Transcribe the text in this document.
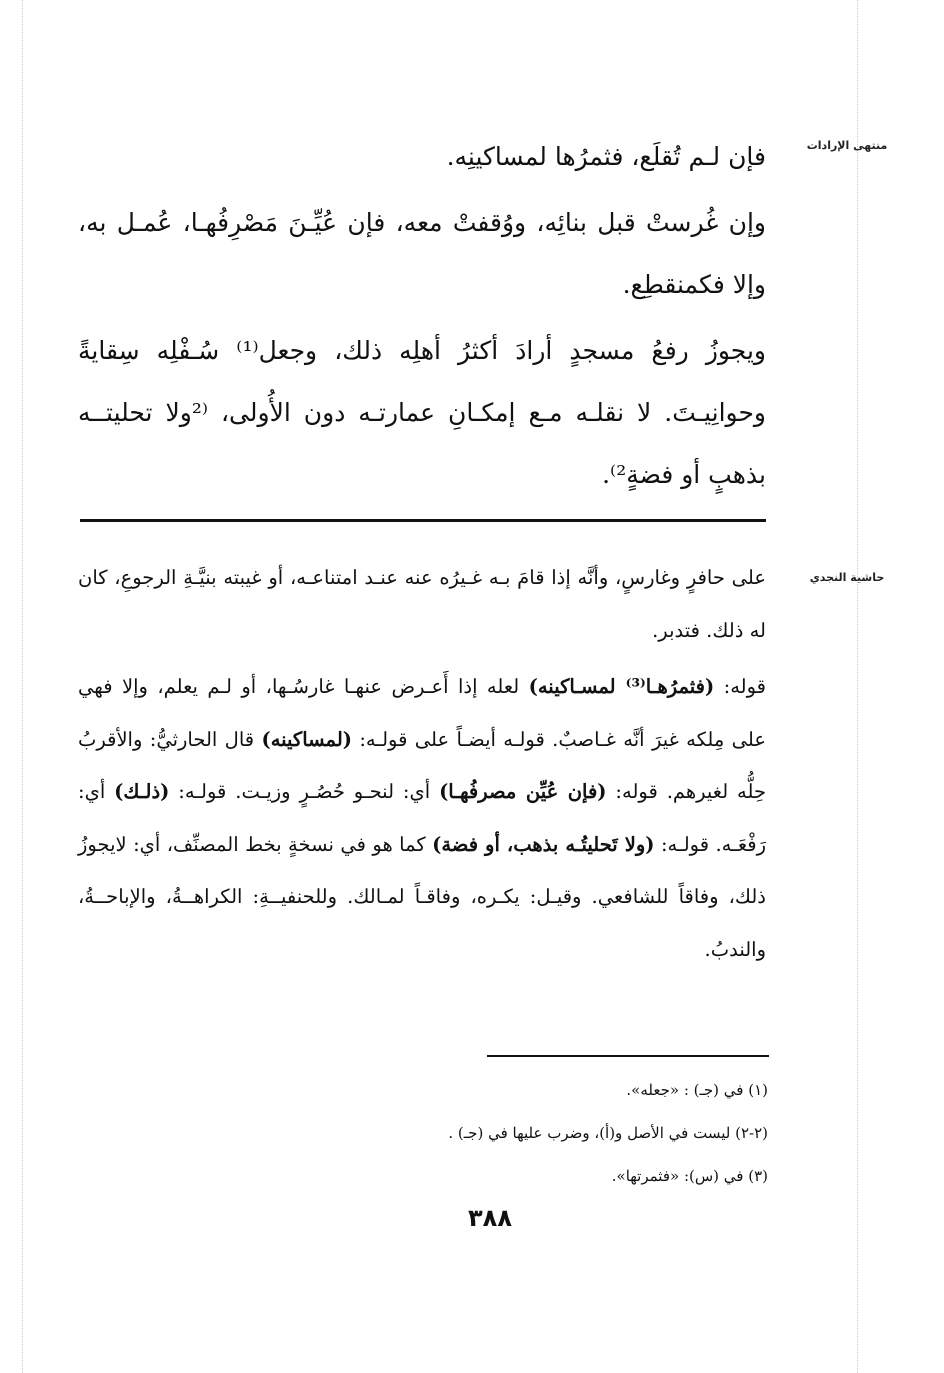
منتهى الإرادات
حاشية النجدي

فإن لـم تُقلَع، فثمرُها لمساكينِه.

وإن غُرستْ قبل بنائِه، ووُقفتْ معه، فإن عُيِّـنَ مَصْرِفُهـا، عُمـل به، وإلا فكمنقطِع.

ويجوزُ رفعُ مسجدٍ أرادَ أكثرُ أهلِه ذلك، وجعل⁽¹⁾ سُـفْلِه سِقايةً وحوانِيـتَ. لا نقلـه مـع إمكـانِ عمارتـه دون الأُولى، ⁽²ولا تحليتــه بذهبٍ أو فضةٍ²⁾.

على حافرٍ وغارسٍ، وأنَّه إذا قامَ بـه غـيرُه عنه عنـد امتناعـه، أو غيبته بنيَّـةِ الرجوعِ، كان له ذلك. فتدبر.

قوله: (فثمرُهـا⁽³⁾ لمسـاكينه) لعله إذا أَعـرض عنهـا غارسُـها، أو لـم يعلم، وإلا فهي على مِلكه غيرَ أنَّه غـاصبٌ. قولـه أيضـاً على قولـه: (لمساكينه) قال الحارثيُّ: والأقربُ حِلُّه لغيرهم. قوله: (فإن عُيِّن مصرفُهـا) أي: لنحـو حُصُـرٍ وزيـت. قولـه: (ذلـك) أي: رَفْعَـه. قولـه: (ولا تَحليتُـه بذهب، أو فضة) كما هو في نسخةٍ بخط المصنِّف، أي: لايجوزُ ذلك، وفاقاً للشافعي. وقيـل: يكـره، وفاقـاً لمـالك. وللحنفيــةِ: الكراهــةُ، والإباحــةُ، والندبُ.

(١) في (جـ) : «جعله».
(٢-٢) ليست في الأصل و(أ)، وضرب عليها في (جـ) .
(٣) في (س): «فثمرتها».
٣٨٨
